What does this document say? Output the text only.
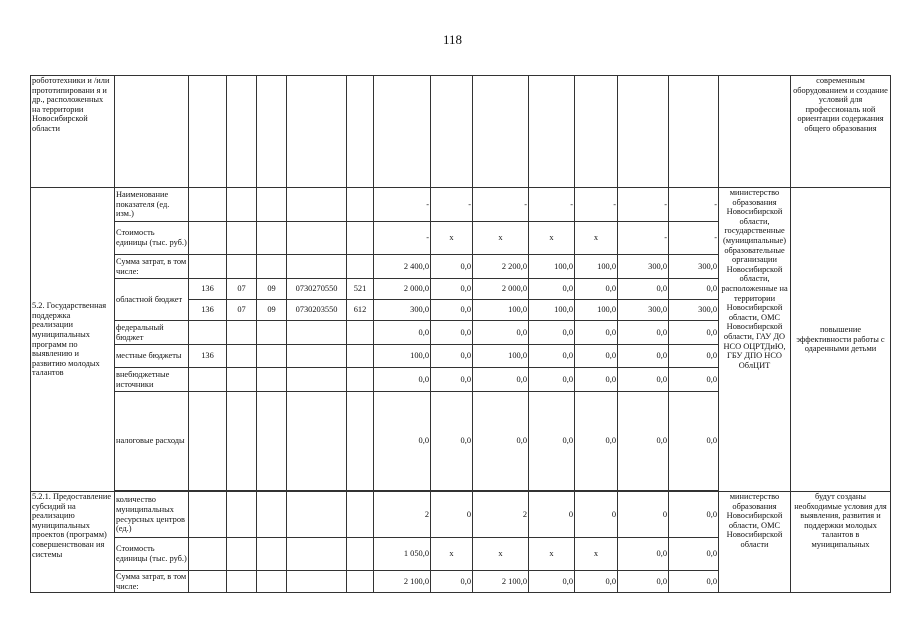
118
робототехники и /или прототипировани я и др., расположенных на территории Новосибирской области															современным оборудованием и создание условий для профессиональ ной ориентации содержания общего образования
5.2. Государственная поддержка реализации муниципальных программ по выявлению и развитию молодых талантов	Наименование показателя (ед. изм.)						-	-	-	-	-	-	-	министерство образования Новосибирской области, государственные (муниципальные) образовательные организации Новосибирской области, расположенные на территории Новосибирской области, ОМС Новосибирской области, ГАУ ДО НСО ОЦРТДиЮ, ГБУ ДПО НСО ОблЦИТ	повышение эффективности работы с одаренными детьми
	Стоимость единицы (тыс. руб.)						-	x	x	x	x	-	-		
	Сумма затрат, в том числе:						2 400,0	0,0	2 200,0	100,0	100,0	300,0	300,0		
	областной бюджет	136	07	09	0730270550	521	2 000,0	0,0	2 000,0	0,0	0,0	0,0	0,0		
		136	07	09	0730203550	612	300,0	0,0	100,0	100,0	100,0	300,0	300,0		
	федеральный бюджет						0,0	0,0	0,0	0,0	0,0	0,0	0,0		
	местные бюджеты	136					100,0	0,0	100,0	0,0	0,0	0,0	0,0		
	внебюджетные источники						0,0	0,0	0,0	0,0	0,0	0,0	0,0		
	налоговые расходы						0,0	0,0	0,0	0,0	0,0	0,0	0,0		

5.2.1. Предоставление субсидий на реализацию муниципальных проектов (программ) совершенствован ия системы	количество муниципальных ресурсных центров (ед.)						2	0	2	0	0	0	0,0	министерство образования Новосибирской области, ОМС Новосибирской области	будут созданы необходимые условия для выявления, развития и поддержки молодых талантов в муниципальных
	Стоимость единицы (тыс. руб.)						1 050,0	x	x	x	x	0,0	0,0		
	Сумма затрат, в том числе:						2 100,0	0,0	2 100,0	0,0	0,0	0,0	0,0		
